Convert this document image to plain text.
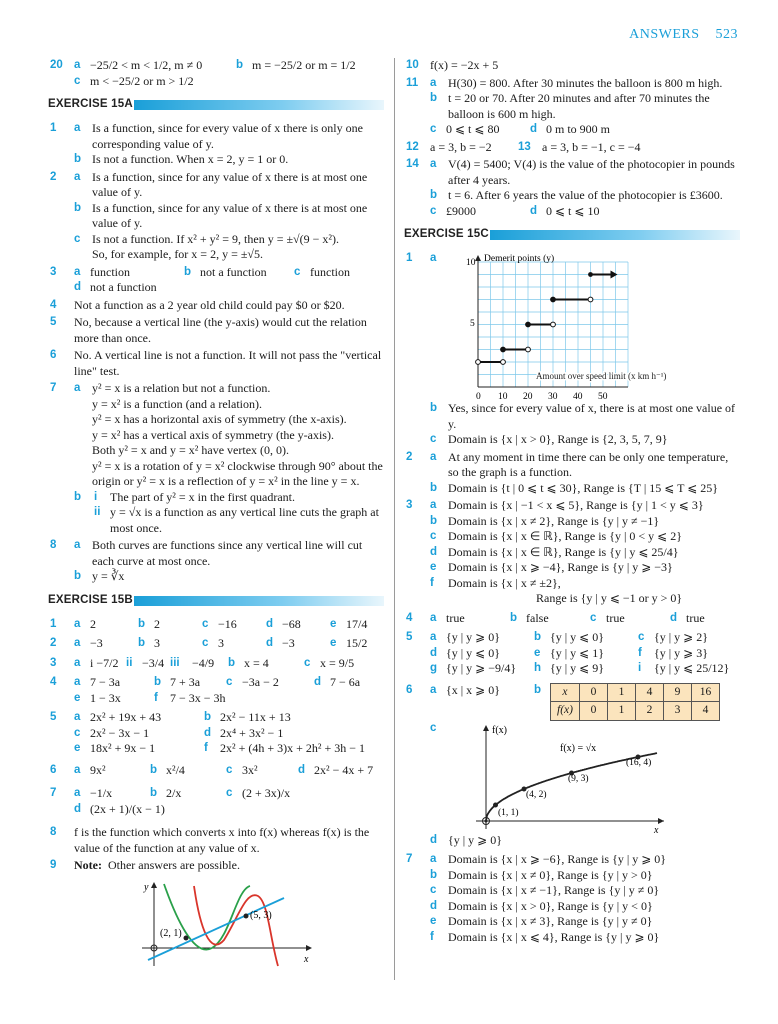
ANSWERS 523
20 a −25/2 < m < 1/2, m ≠ 0	b m = −25/2 or m = 1/2
c m < −25/2 or m > 1/2
EXERCISE 15A
1 a Is a function, since for every value of x there is only one corresponding value of y.
b Is not a function. When x = 2, y = 1 or 0.
2 a Is a function, since for any value of x there is at most one value of y.
b Is a function, since for any value of x there is at most one value of y.
c Is not a function. If x² + y² = 9, then y = ±√(9 − x²).
So, for example, for x = 2, y = ±√5.
3 a function	b not a function	c function
d not a function
4 Not a function as a 2 year old child could pay $0 or $20.
5 No, because a vertical line (the y-axis) would cut the relation more than once.
6 No. A vertical line is not a function. It will not pass the "vertical line" test.
7 a y² = x is a relation but not a function.
y = x² is a function (and a relation).
y² = x has a horizontal axis of symmetry (the x-axis).
y = x² has a vertical axis of symmetry (the y-axis).
Both y² = x and y = x² have vertex (0, 0).
y² = x is a rotation of y = x² clockwise through 90° about the origin or y² = x is a reflection of y = x² in the line y = x.
b i The part of y² = x in the first quadrant.
ii y = √x is a function as any vertical line cuts the graph at most once.
8 a Both curves are functions since any vertical line will cut each curve at most once.
b y = ∛x
EXERCISE 15B
1 a 2	b 2	c −16	d −68	e 17/4
2 a −3	b 3	c 3	d −3	e 15/2
3 a i −7/2 ii −3/4 iii −4/9	b x = 4	c x = 9/5
4 a 7 − 3a	b 7 + 3a	c −3a − 2	d 7 − 6a
e 1 − 3x	f 7 − 3x − 3h
5 a 2x² + 19x + 43	b 2x² − 11x + 13
c 2x² − 3x − 1	d 2x⁴ + 3x² − 1
e 18x² + 9x − 1	f 2x² + (4h + 3)x + 2h² + 3h − 1
6 a 9x²	b x²/4	c 3x²	d 2x² − 4x + 7
7 a −1/x	b 2/x	c (2 + 3x)/x
d (2x + 1)/(x − 1)
8 f is the function which converts x into f(x) whereas f(x) is the value of the function at any value of x.
9 Note: Other answers are possible.
(2, 1)
(5, 3)
y
x
10 f(x) = −2x + 5
11 a H(30) = 800. After 30 minutes the balloon is 800 m high.
b t = 20 or 70. After 20 minutes and after 70 minutes the balloon is 600 m high.
c 0 ⩽ t ⩽ 80	d 0 m to 900 m
12 a = 3, b = −2	13 a = 3, b = −1, c = −4
14 a V(4) = 5400; V(4) is the value of the photocopier in pounds after 4 years.
b t = 6. After 6 years the value of the photocopier is £3600.
c £9000	d 0 ⩽ t ⩽ 10
EXERCISE 15C
1 a	Demerit points (y)
Amount over speed limit (x km h⁻¹)
10
5
0 10 20 30 40 50
b Yes, since for every value of x, there is at most one value of y.
c Domain is {x | x > 0}, Range is {2, 3, 5, 7, 9}
2 a At any moment in time there can be only one temperature, so the graph is a function.
b Domain is {t | 0 ⩽ t ⩽ 30}, Range is {T | 15 ⩽ T ⩽ 25}
3 a Domain is {x | −1 < x ⩽ 5}, Range is {y | 1 < y ⩽ 3}
b Domain is {x | x ≠ 2}, Range is {y | y ≠ −1}
c Domain is {x | x ∈ ℝ}, Range is {y | 0 < y ⩽ 2}
d Domain is {x | x ∈ ℝ}, Range is {y | y ⩽ 25/4}
e Domain is {x | x ⩾ −4}, Range is {y | y ⩾ −3}
f Domain is {x | x ≠ ±2},
Range is {y | y ⩽ −1 or y > 0}
4 a true	b false	c true	d true
5 a {y | y ⩾ 0}	b {y | y ⩽ 0}	c {y | y ⩾ 2}
d {y | y ⩽ 0}	e {y | y ⩽ 1}	f {y | y ⩾ 3}
g {y | y ⩾ −9/4}	h {y | y ⩽ 9}	i {y | y ⩽ 25/12}
6 a {x | x ⩾ 0}	b x	0	1	4	9	16
f(x)	0	1	2	3	4
c	f(x)
x
f(x) = √x
(1, 1)
(4, 2)
(9, 3)
(16, 4)
d {y | y ⩾ 0}
7 a Domain is {x | x ⩾ −6}, Range is {y | y ⩾ 0}
b Domain is {x | x ≠ 0}, Range is {y | y > 0}
c Domain is {x | x ≠ −1}, Range is {y | y ≠ 0}
d Domain is {x | x > 0}, Range is {y | y < 0}
e Domain is {x | x ≠ 3}, Range is {y | y ≠ 0}
f Domain is {x | x ⩽ 4}, Range is {y | y ⩾ 0}
